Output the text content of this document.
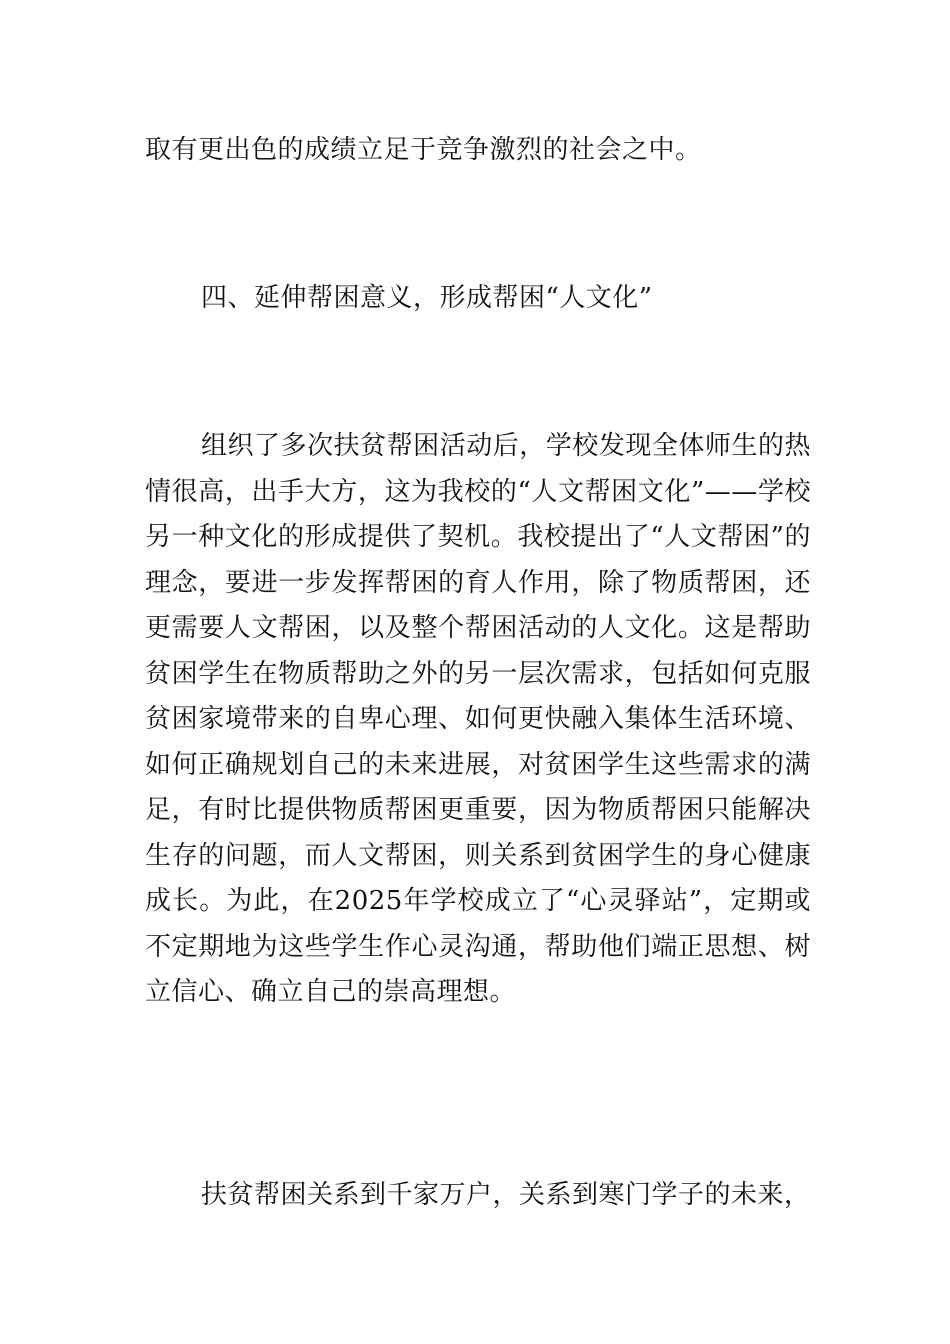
取有更出色的成绩立足于竞争激烈的社会之中。

四、延伸帮困意义，形成帮困“人文化”

组织了多次扶贫帮困活动后，学校发现全体师生的热情很高，出手大方，这为我校的“人文帮困文化”——学校另一种文化的形成提供了契机。我校提出了“人文帮困”的理念，要进一步发挥帮困的育人作用，除了物质帮困，还更需要人文帮困，以及整个帮困活动的人文化。这是帮助贫困学生在物质帮助之外的另一层次需求，包括如何克服贫困家境带来的自卑心理、如何更快融入集体生活环境、如何正确规划自己的未来进展，对贫困学生这些需求的满足，有时比提供物质帮困更重要，因为物质帮困只能解决生存的问题，而人文帮困，则关系到贫困学生的身心健康成长。为此，在2025年学校成立了“心灵驿站”，定期或不定期地为这些学生作心灵沟通，帮助他们端正思想、树立信心、确立自己的崇高理想。

扶贫帮困关系到千家万户，关系到寒门学子的未来，
